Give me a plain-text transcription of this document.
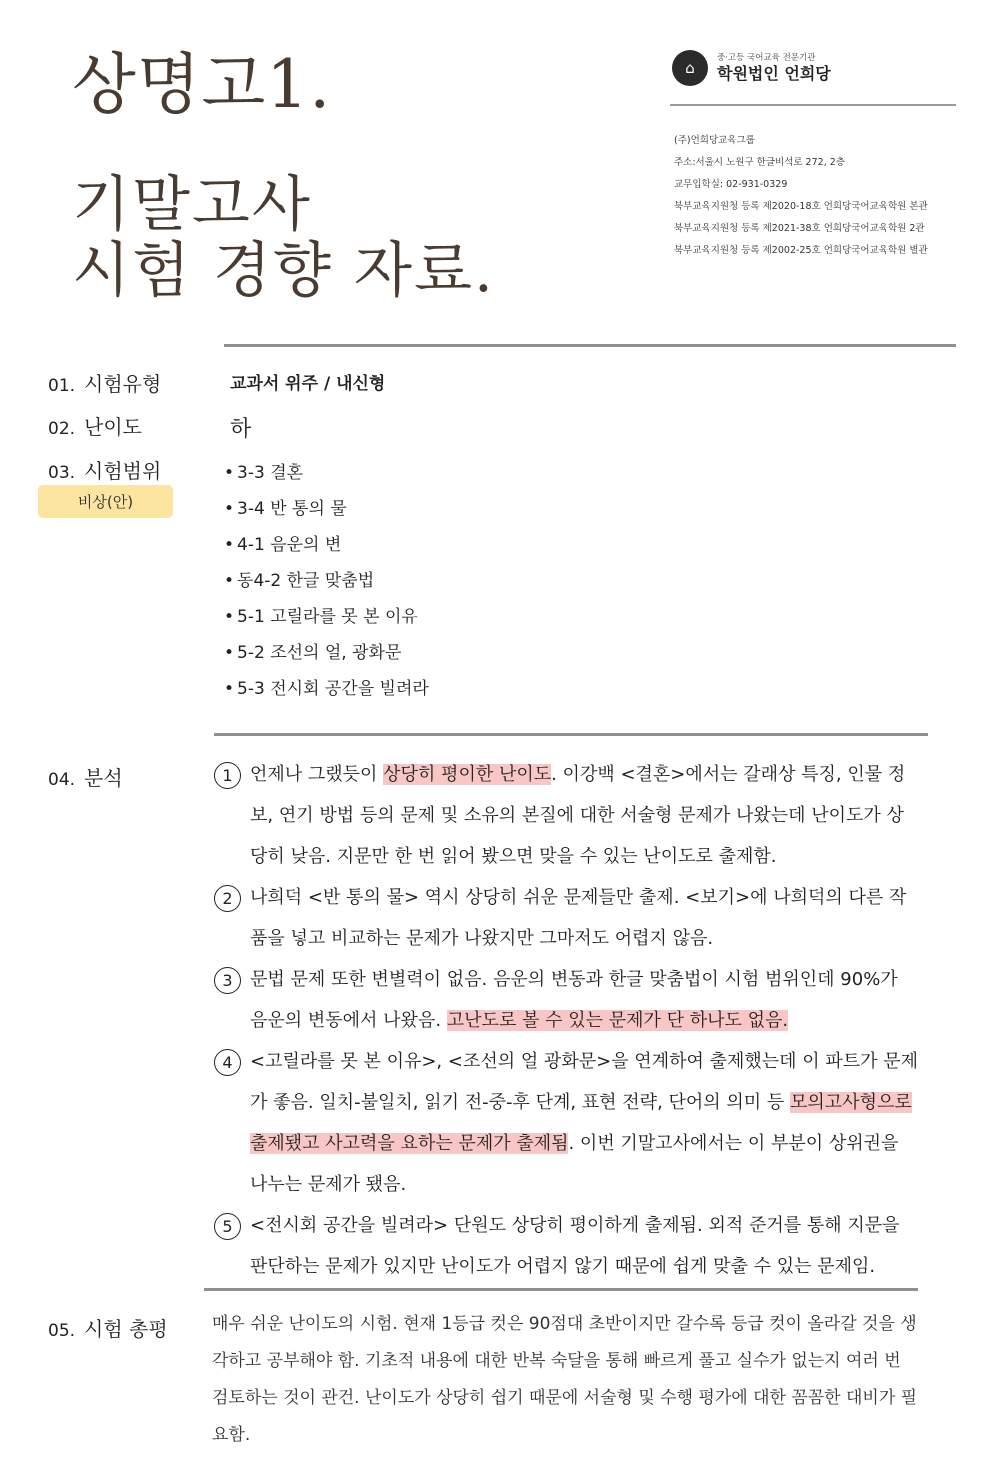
상명고1.
기말고사
시험 경향 자료.
⌂
중·고등 국어교육 전문기관
학원법인 언희당
(주)언희당교육그룹
주소:서울시 노원구 한글비석로 272, 2층
교무입학실: 02-931-0329
북부교육지원청 등록 제2020-18호 언희당국어교육학원 본관
북부교육지원청 등록 제2021-38호 언희당국어교육학원 2관
북부교육지원청 등록 제2002-25호 언희당국어교육학원 별관
01. 시험유형	교과서 위주 / 내신형
02. 난이도	하
03. 시험범위
비상(안)
• 3-3 결혼
• 3-4 반 통의 물
• 4-1 음운의 변
• 동4-2 한글 맞춤법
• 5-1 고릴라를 못 본 이유
• 5-2 조선의 얼, 광화문
• 5-3 전시회 공간을 빌려라
04. 분석	1 언제나 그랬듯이 상당히 평이한 난이도. 이강백 <결혼>에서는 갈래상 특징, 인물 정보, 연기 방법 등의 문제 및 소유의 본질에 대한 서술형 문제가 나왔는데 난이도가 상당히 낮음. 지문만 한 번 읽어 봤으면 맞을 수 있는 난이도로 출제함.
2 나희덕 <반 통의 물> 역시 상당히 쉬운 문제들만 출제. <보기>에 나희덕의 다른 작품을 넣고 비교하는 문제가 나왔지만 그마저도 어렵지 않음.
3 문법 문제 또한 변별력이 없음. 음운의 변동과 한글 맞춤법이 시험 범위인데 90%가 음운의 변동에서 나왔음. 고난도로 볼 수 있는 문제가 단 하나도 없음.
4 <고릴라를 못 본 이유>, <조선의 얼 광화문>을 연계하여 출제했는데 이 파트가 문제가 좋음. 일치-불일치, 읽기 전-중-후 단계, 표현 전략, 단어의 의미 등 모의고사형으로 출제됐고 사고력을 요하는 문제가 출제됨. 이번 기말고사에서는 이 부분이 상위권을 나누는 문제가 됐음.
5 <전시회 공간을 빌려라> 단원도 상당히 평이하게 출제됨. 외적 준거를 통해 지문을 판단하는 문제가 있지만 난이도가 어렵지 않기 때문에 쉽게 맞출 수 있는 문제임.
05. 시험 총평	매우 쉬운 난이도의 시험. 현재 1등급 컷은 90점대 초반이지만 갈수록 등급 컷이 올라갈 것을 생각하고 공부해야 함. 기초적 내용에 대한 반복 숙달을 통해 빠르게 풀고 실수가 없는지 여러 번 검토하는 것이 관건. 난이도가 상당히 쉽기 때문에 서술형 및 수행 평가에 대한 꼼꼼한 대비가 필요함.
